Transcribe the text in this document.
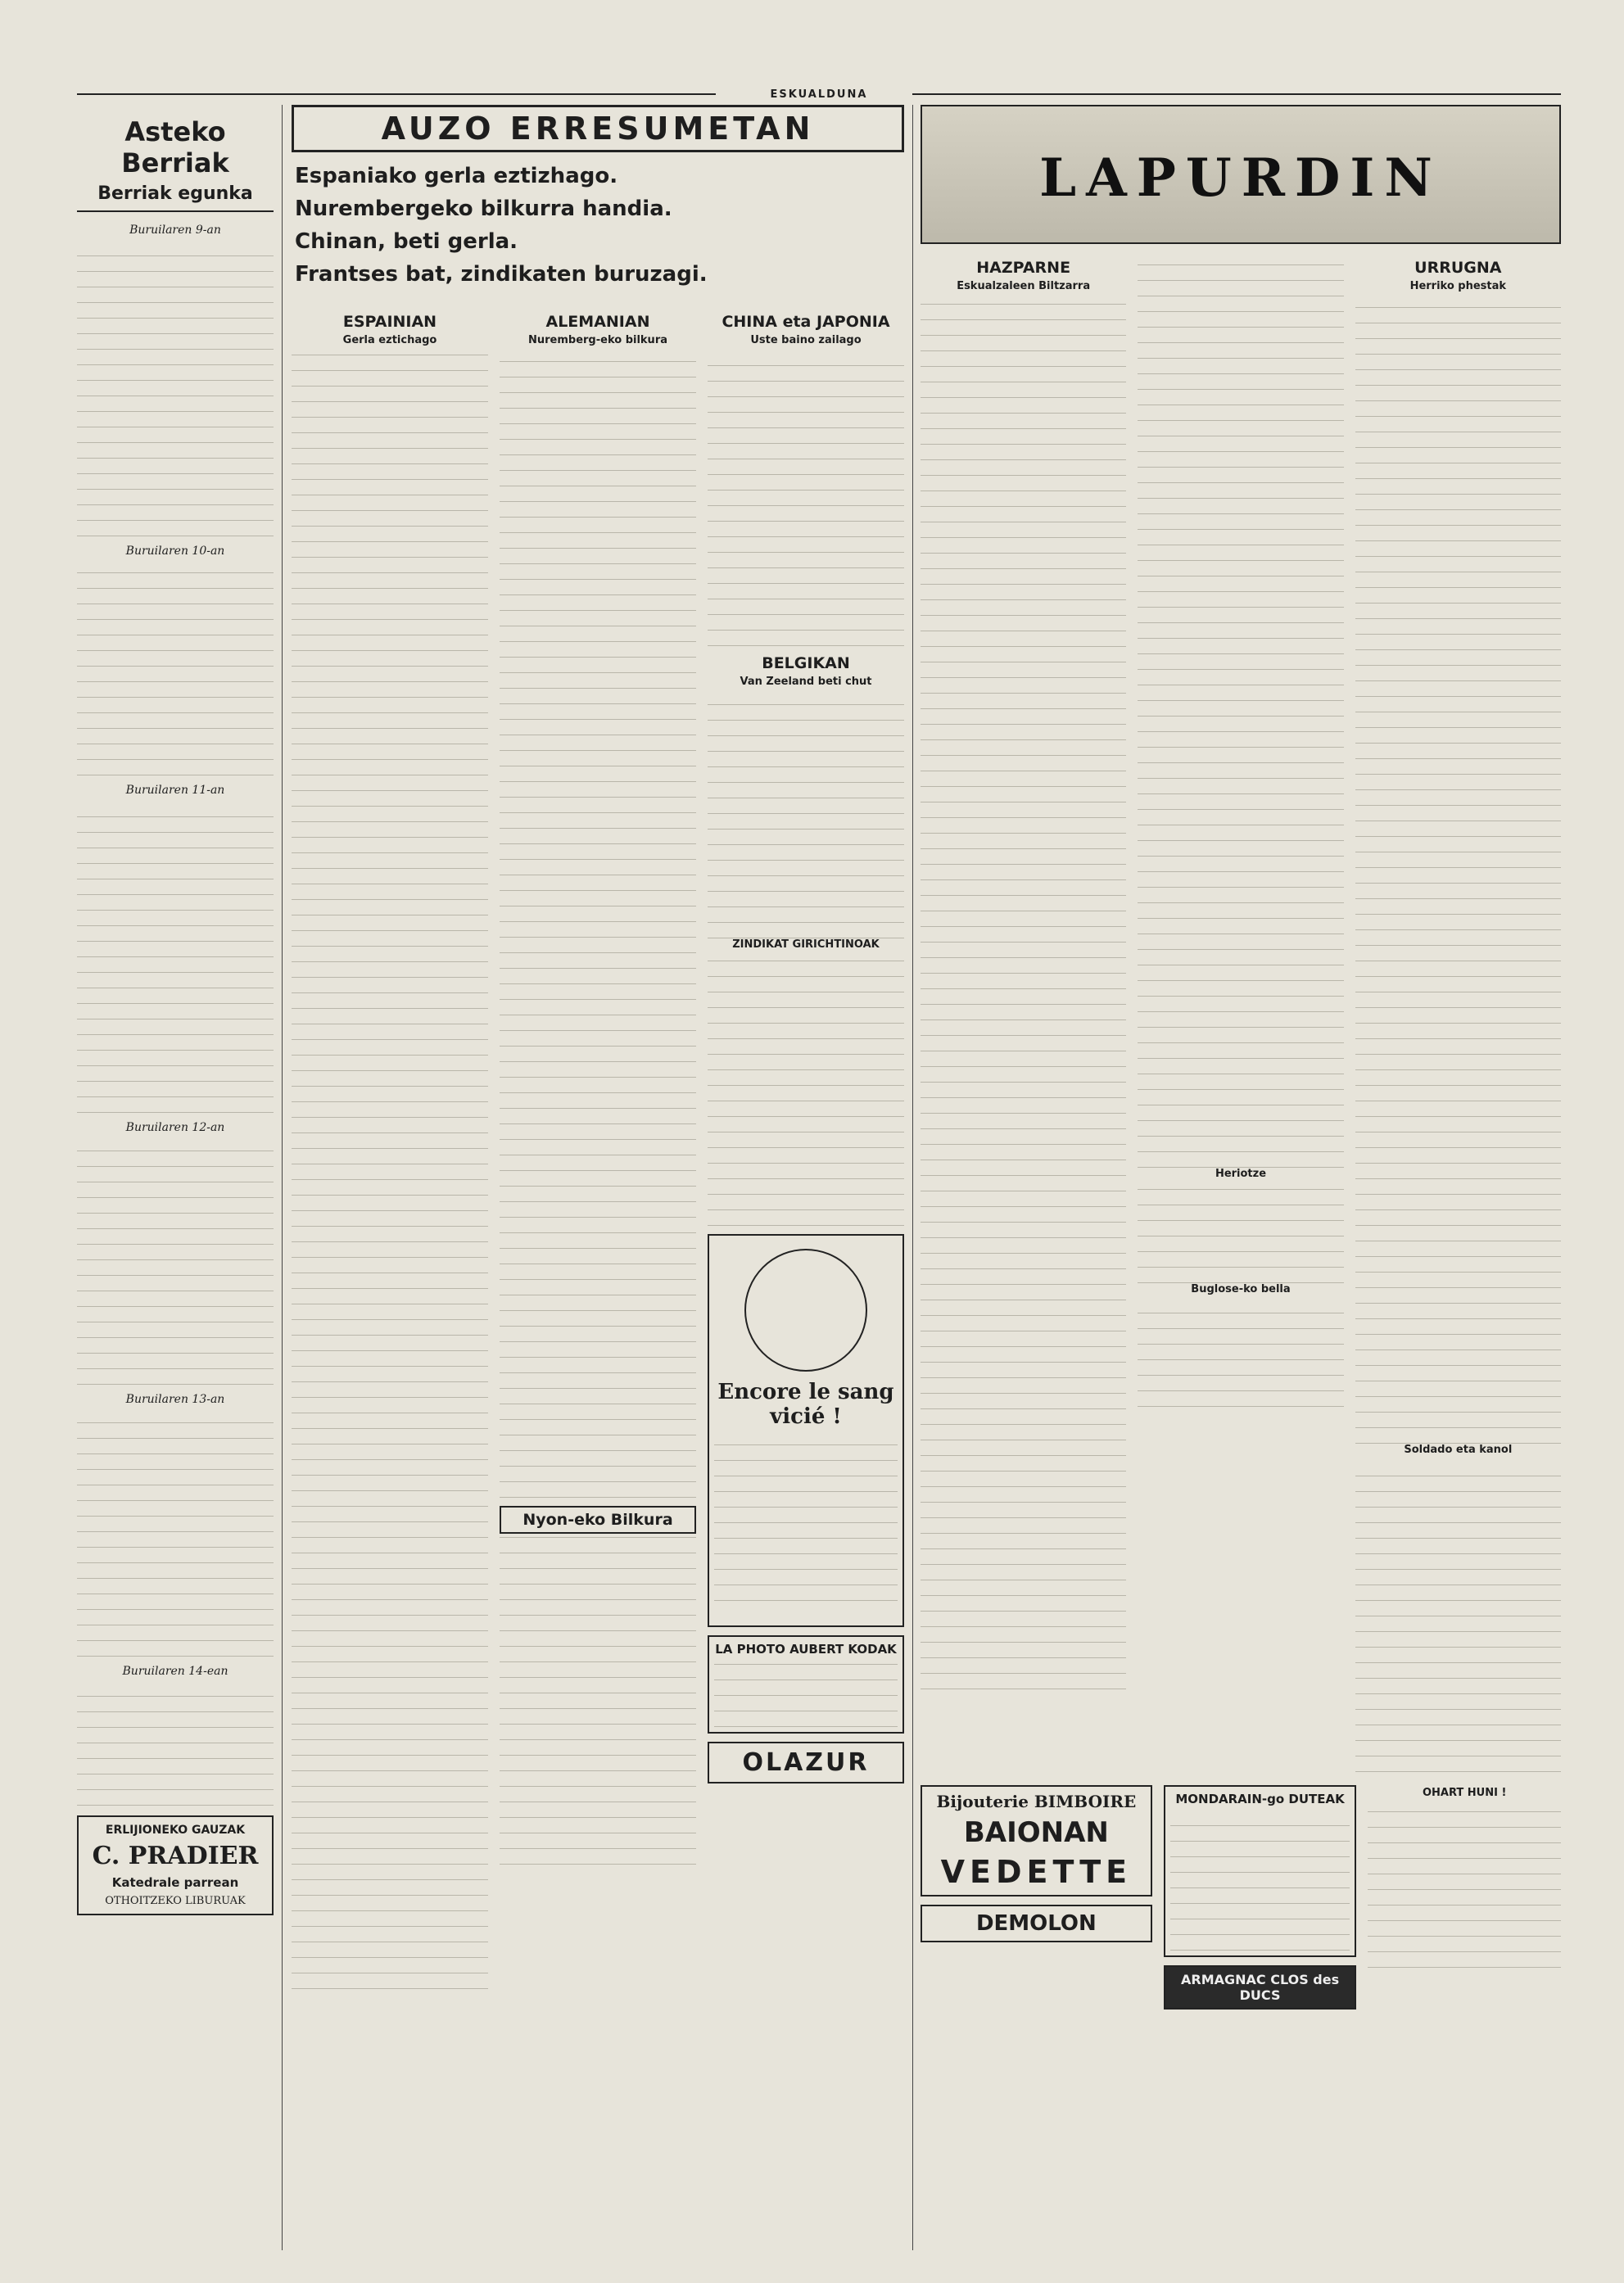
ESKUALDUNA
Asteko Berriak
Berriak egunka
Buruilaren 9-an
Buruilaren 10-an
Buruilaren 11-an
Buruilaren 12-an
Buruilaren 13-an
Buruilaren 14-ean
ERLIJIONEKO GAUZAK
C. PRADIER
Katedrale parrean
OTHOITZEKO LIBURUAK
AUZO ERRESUMETAN
Espaniako gerla eztizhago.
Nurembergeko bilkurra handia.
Chinan, beti gerla.
Frantses bat, zindikaten buruzagi.
ESPAINIAN
Gerla eztichago
ALEMANIAN
Nuremberg-eko bilkura
Nyon-eko Bilkura
CHINA eta JAPONIA
Uste baino zailago
BELGIKAN
Van Zeeland beti chut
ZINDIKAT GIRICHTINOAK
Encore le sang vicié !
LA PHOTO AUBERT KODAK
OLAZUR
LAPURDIN
HAZPARNE
Eskualzaleen Biltzarra
Heriotze
Buglose-ko bella
URRUGNA
Herriko phestak
Soldado eta kanol
Bijouterie BIMBOIRE
BAIONAN
VEDETTE
DEMOLON
MONDARAIN-go DUTEAK
ARMAGNAC CLOS des DUCS
OHART HUNI !
